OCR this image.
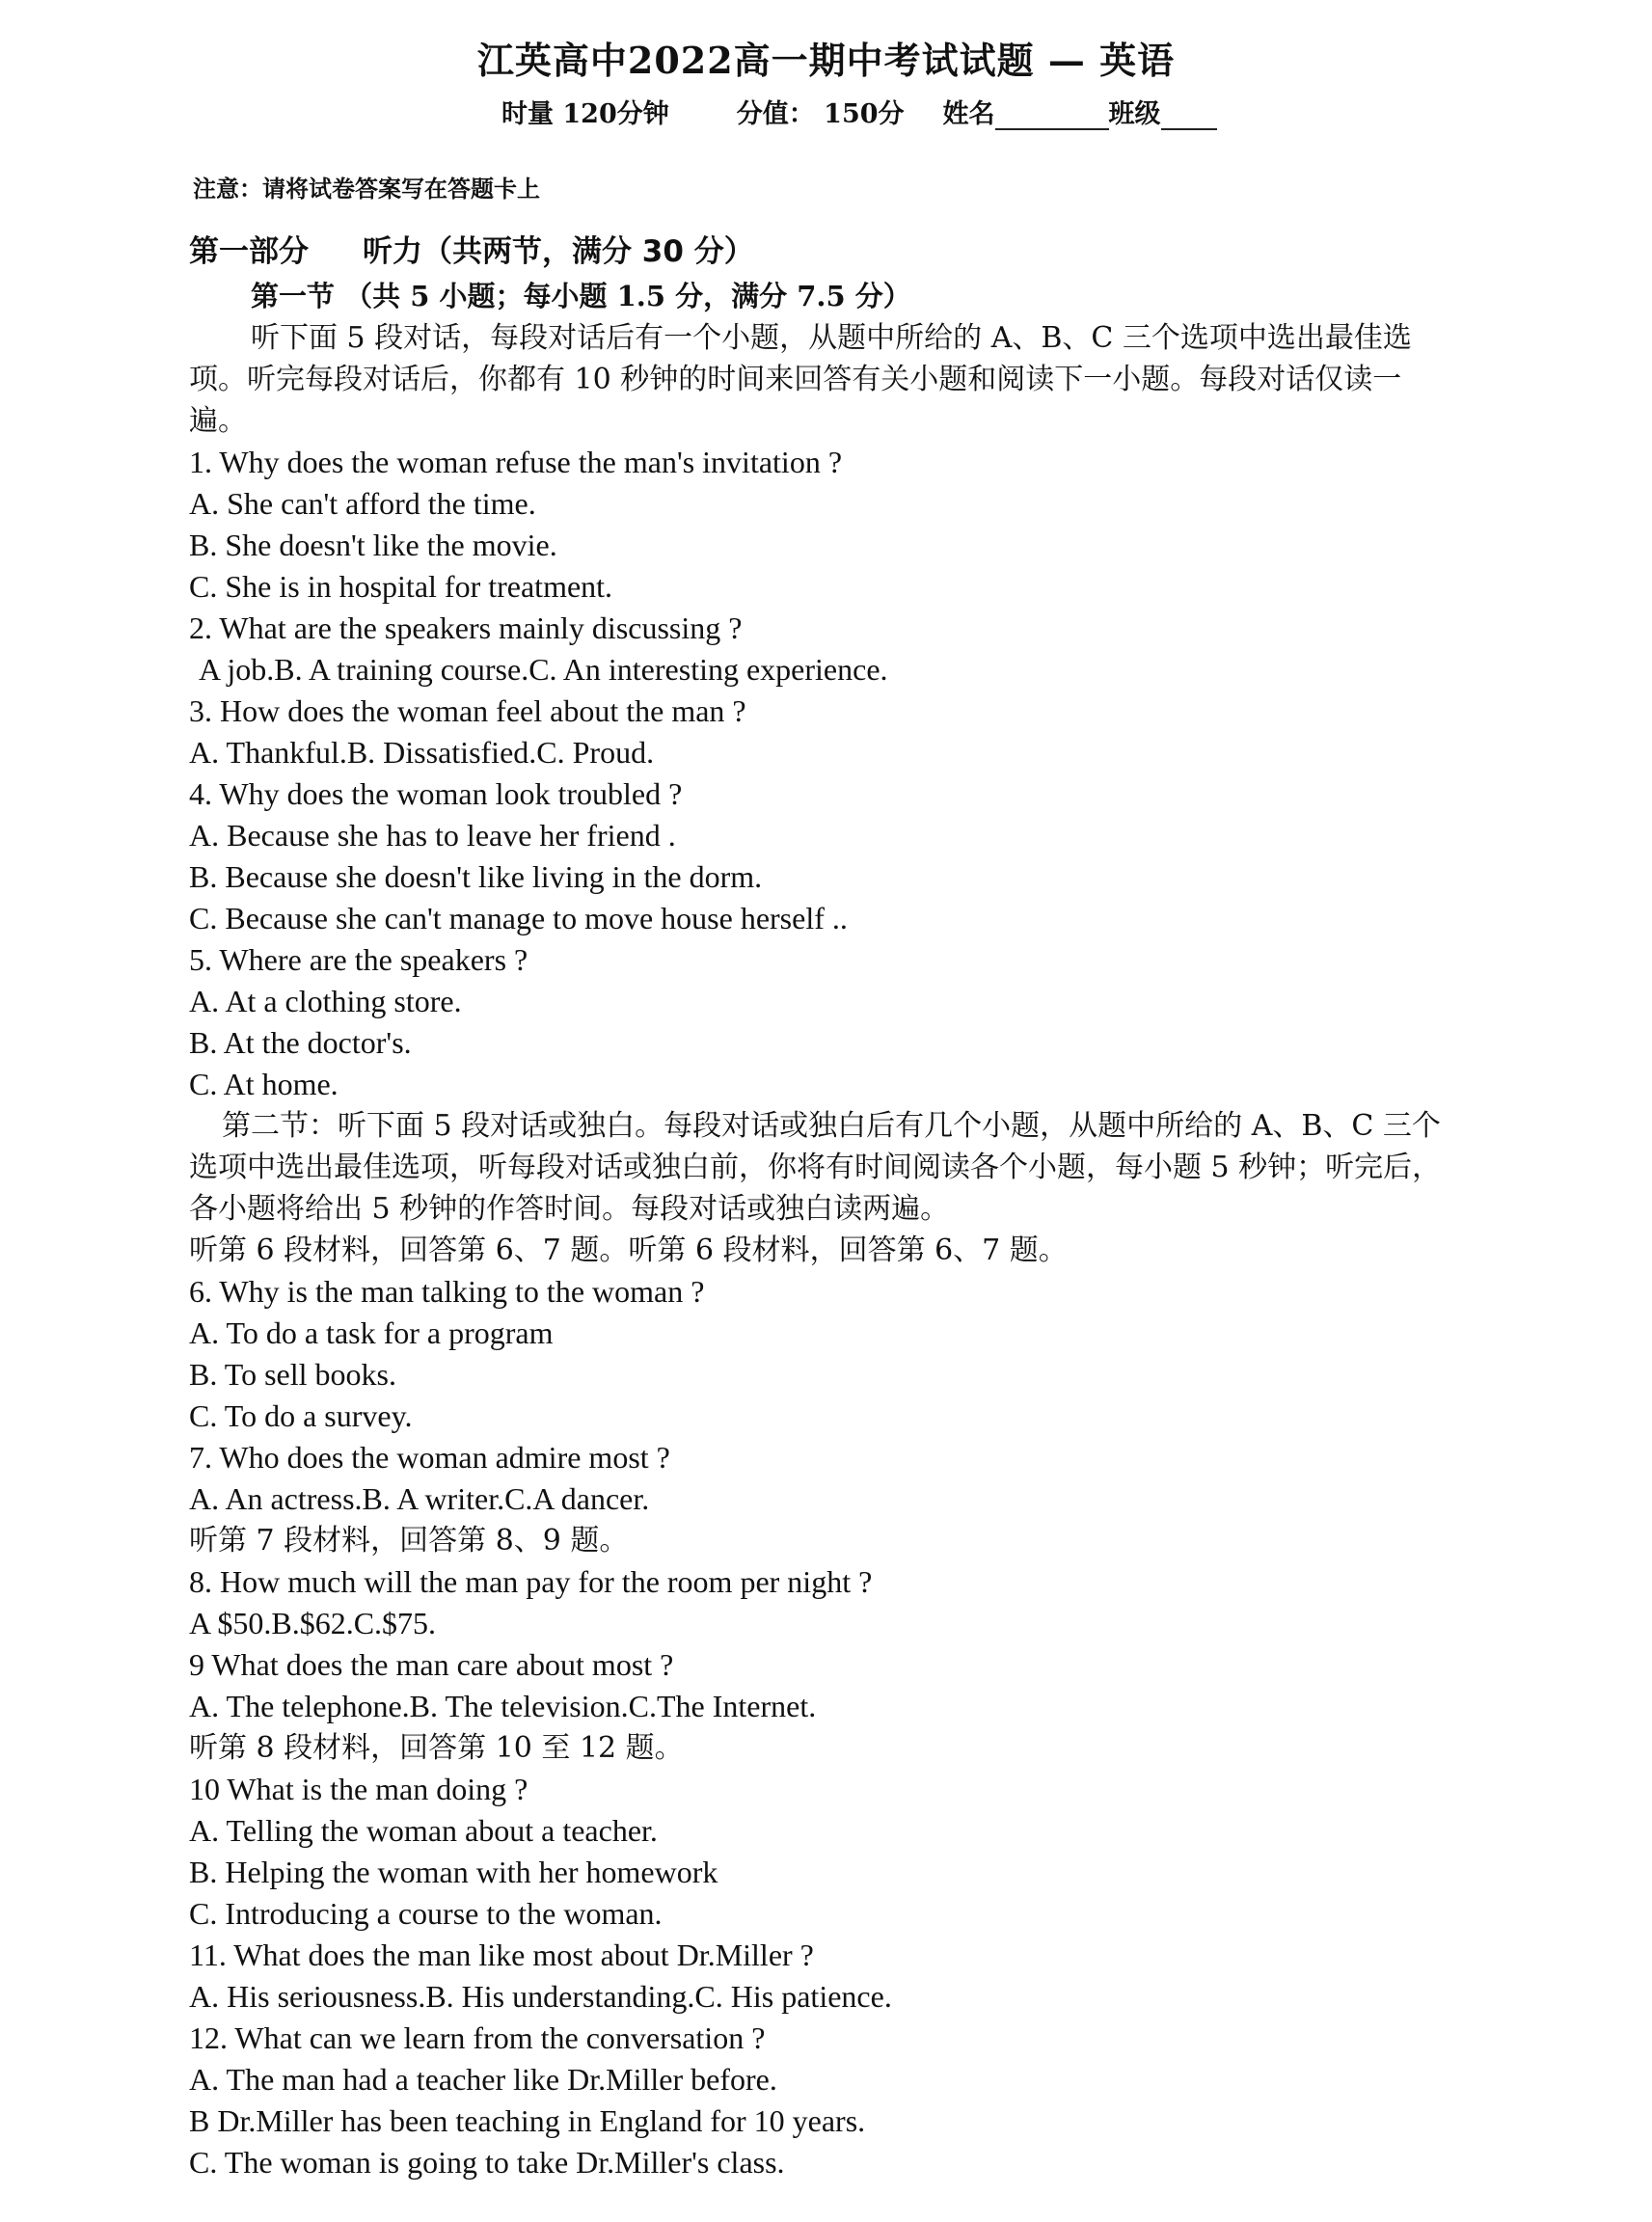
江英高中2022高一期中考试试题 — 英语
时量 120分钟	分值： 150分 姓名	班级
注意：请将试卷答案写在答题卡上
第一部分 听力（共两节，满分 30 分）
第一节 （共 5 小题；每小题 1.5 分，满分 7.5 分）
听下面 5 段对话，每段对话后有一个小题，从题中所给的 A、B、C 三个选项中选出最佳选项。听完每段对话后，你都有 10 秒钟的时间来回答有关小题和阅读下一小题。每段对话仅读一遍。
1. Why does the woman refuse the man's invitation ?
A. She can't afford the time.
B. She doesn't like the movie.
C. She is in hospital for treatment.
2. What are the speakers mainly discussing ?
A job.B. A training course.C. An interesting experience.
3. How does the woman feel about the man ?
A. Thankful.B. Dissatisfied.C. Proud.
4. Why does the woman look troubled ?
A. Because she has to leave her friend .
B. Because she doesn't like living in the dorm.
C. Because she can't manage to move house herself ..
5. Where are the speakers ?
A. At a clothing store.
B. At the doctor's.
C. At home.
第二节：听下面 5 段对话或独白。每段对话或独白后有几个小题，从题中所给的 A、B、C 三个选项中选出最佳选项，听每段对话或独白前，你将有时间阅读各个小题，每小题 5 秒钟；听完后，各小题将给出 5 秒钟的作答时间。每段对话或独白读两遍。
听第 6 段材料，回答第 6、7 题。听第 6 段材料，回答第 6、7 题。
6. Why is the man talking to the woman ?
A. To do a task for a program
B. To sell books.
C. To do a survey.
7. Who does the woman admire most ?
A. An actress.B. A writer.C.A dancer.
听第 7 段材料，回答第 8、9 题。
8. How much will the man pay for the room per night ?
A $50.B.$62.C.$75.
9 What does the man care about most ?
A. The telephone.B. The television.C.The Internet.
听第 8 段材料，回答第 10 至 12 题。
10 What is the man doing ?
A. Telling the woman about a teacher.
B. Helping the woman with her homework
C. Introducing a course to the woman.
11. What does the man like most about Dr.Miller ?
A. His seriousness.B. His understanding.C. His patience.
12. What can we learn from the conversation ?
A. The man had a teacher like Dr.Miller before.
B Dr.Miller has been teaching in England for 10 years.
C. The woman is going to take Dr.Miller's class.
